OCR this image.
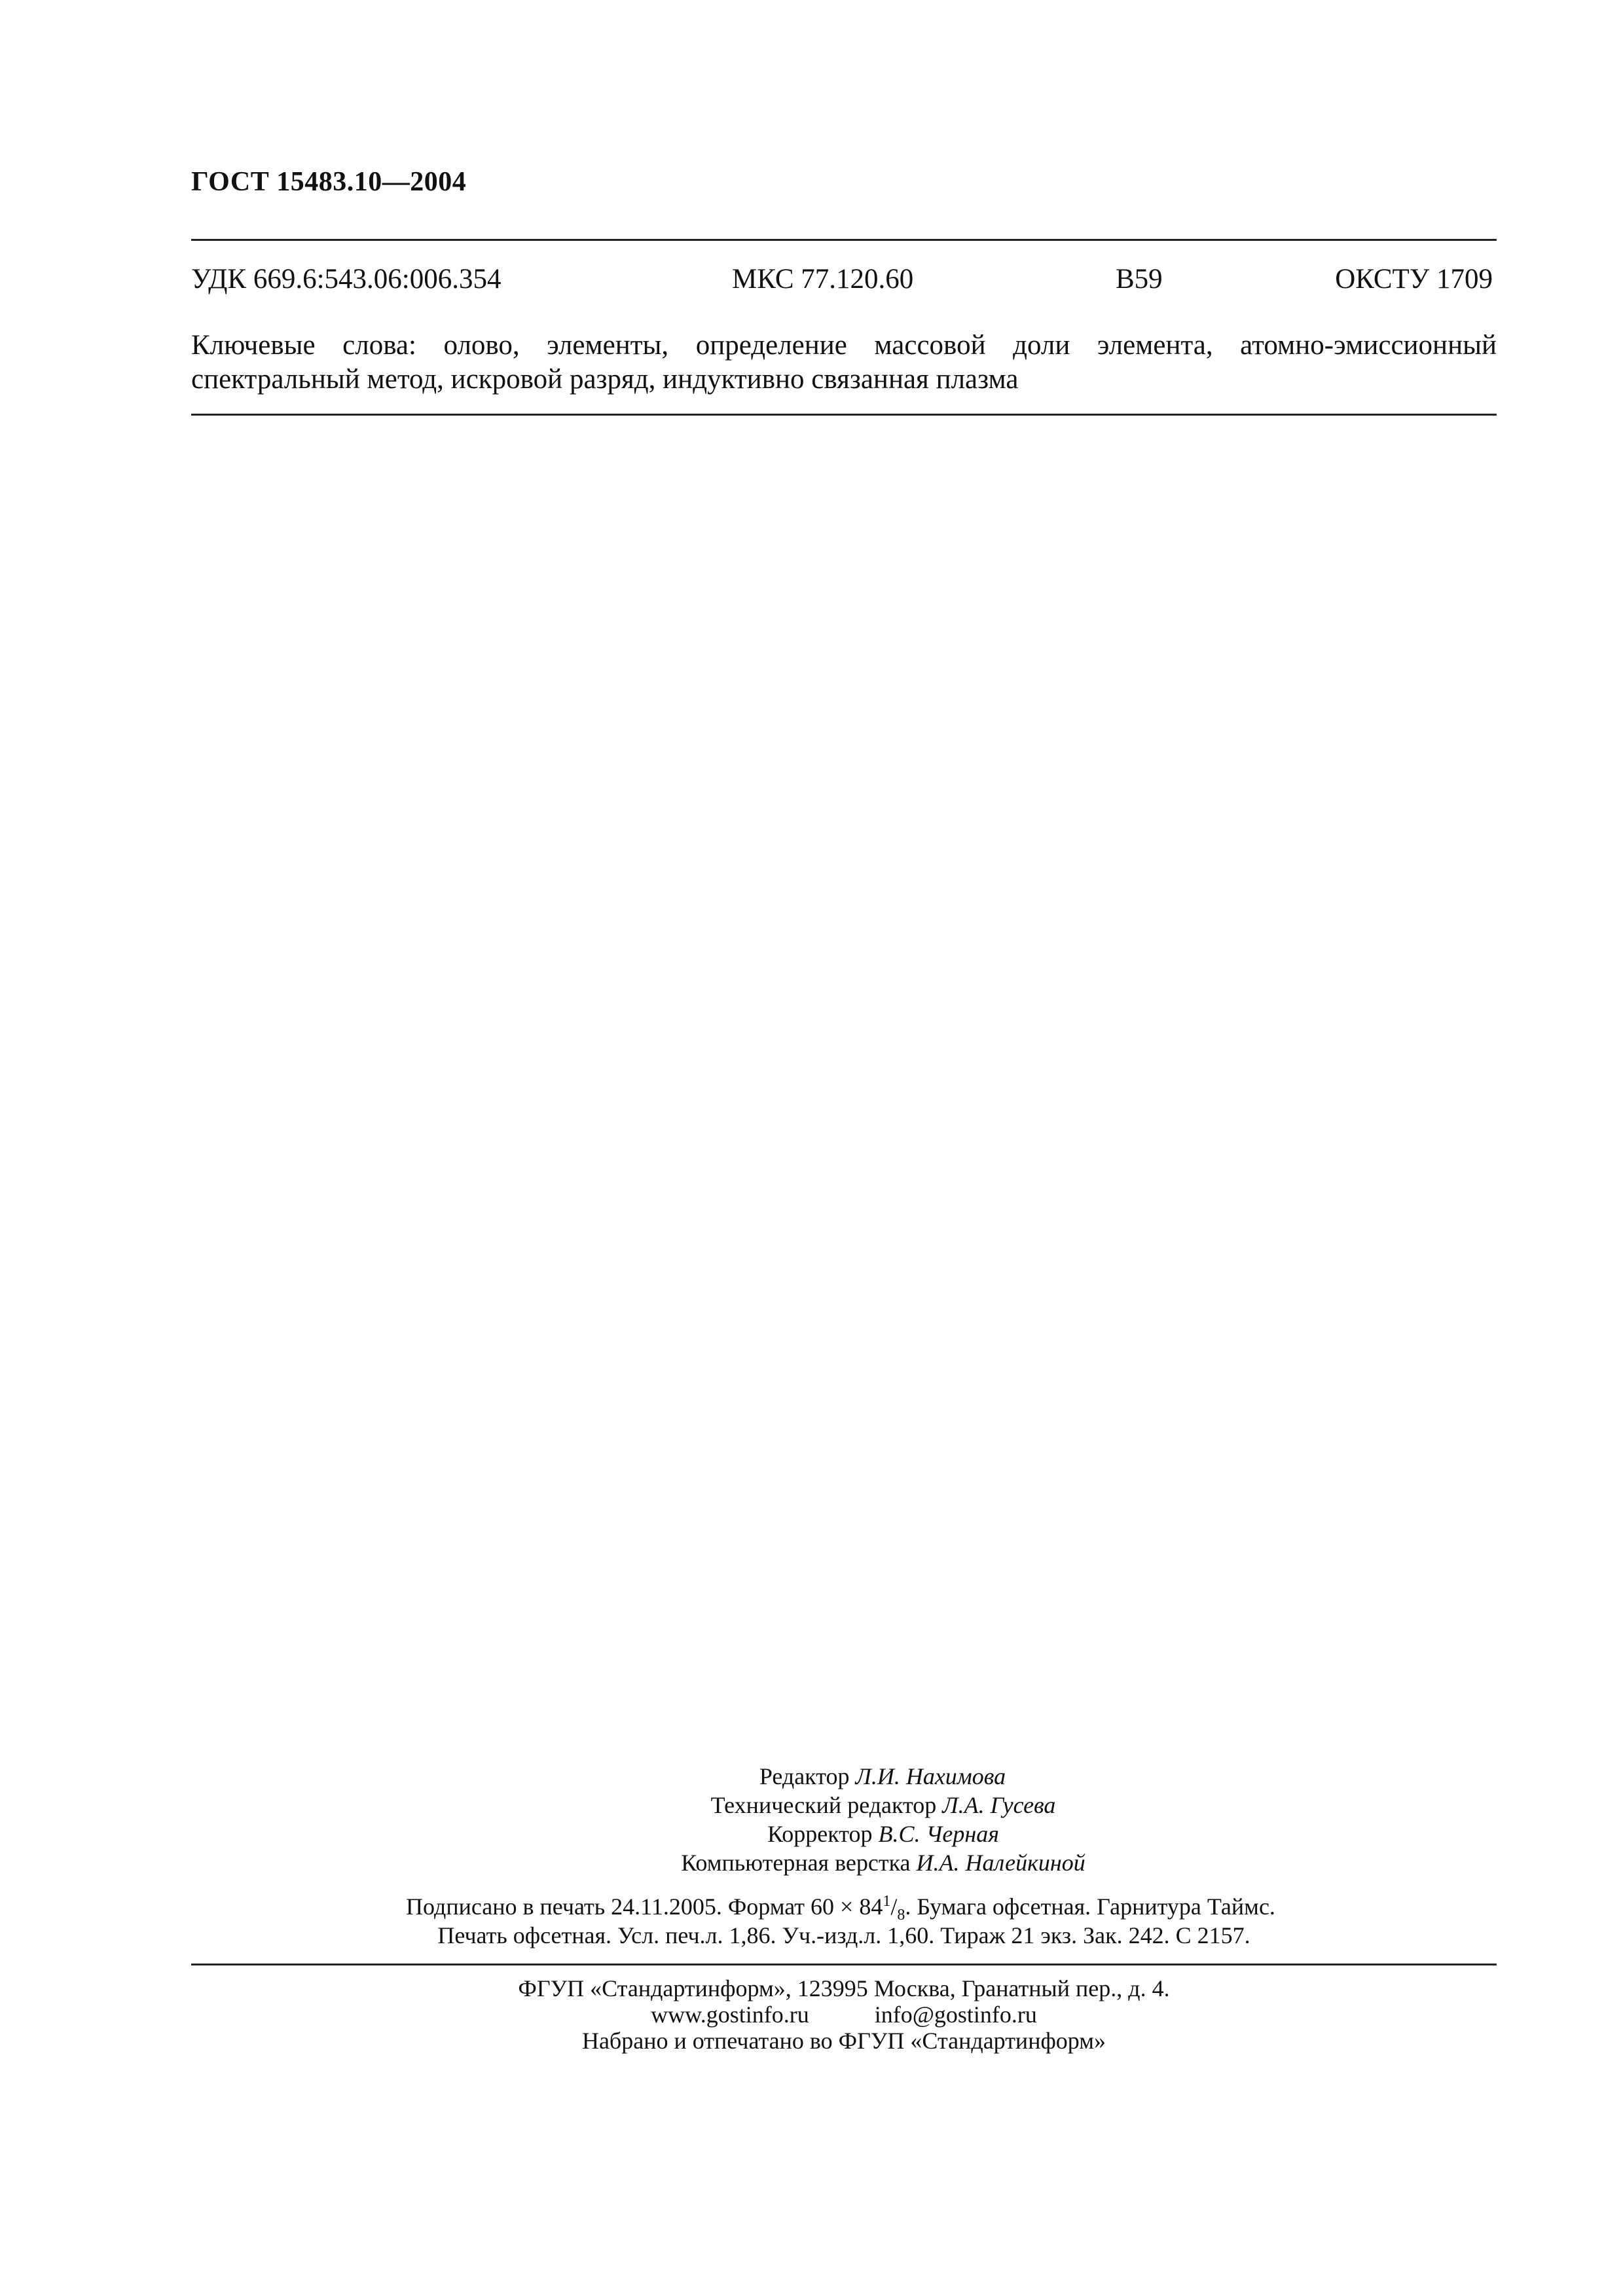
ГОСТ 15483.10—2004
УДК 669.6:543.06:006.354	МКС 77.120.60	В59	ОКСТУ 1709
Ключевые слова: олово, элементы, определение массовой доли элемента, атомно-эмиссионный
спектральный метод, искровой разряд, индуктивно связанная плазма
Редактор Л.И. Нахимова
Технический редактор Л.А. Гусева
Корректор В.С. Черная
Компьютерная верстка И.А. Налейкиной
Подписано в печать 24.11.2005. Формат $60 \times 84^1/_8$. Бумага офсетная. Гарнитура Таймс.
Печать офсетная. Усл. печ.л. 1,86. Уч.-изд.л. 1,60. Тираж 21 экз. Зак. 242. С 2157.
ФГУП «Стандартинформ», 123995 Москва, Гранатный пер., д. 4.
www.gostinfo.ru	info@gostinfo.ru
Набрано и отпечатано во ФГУП «Стандартинформ»
